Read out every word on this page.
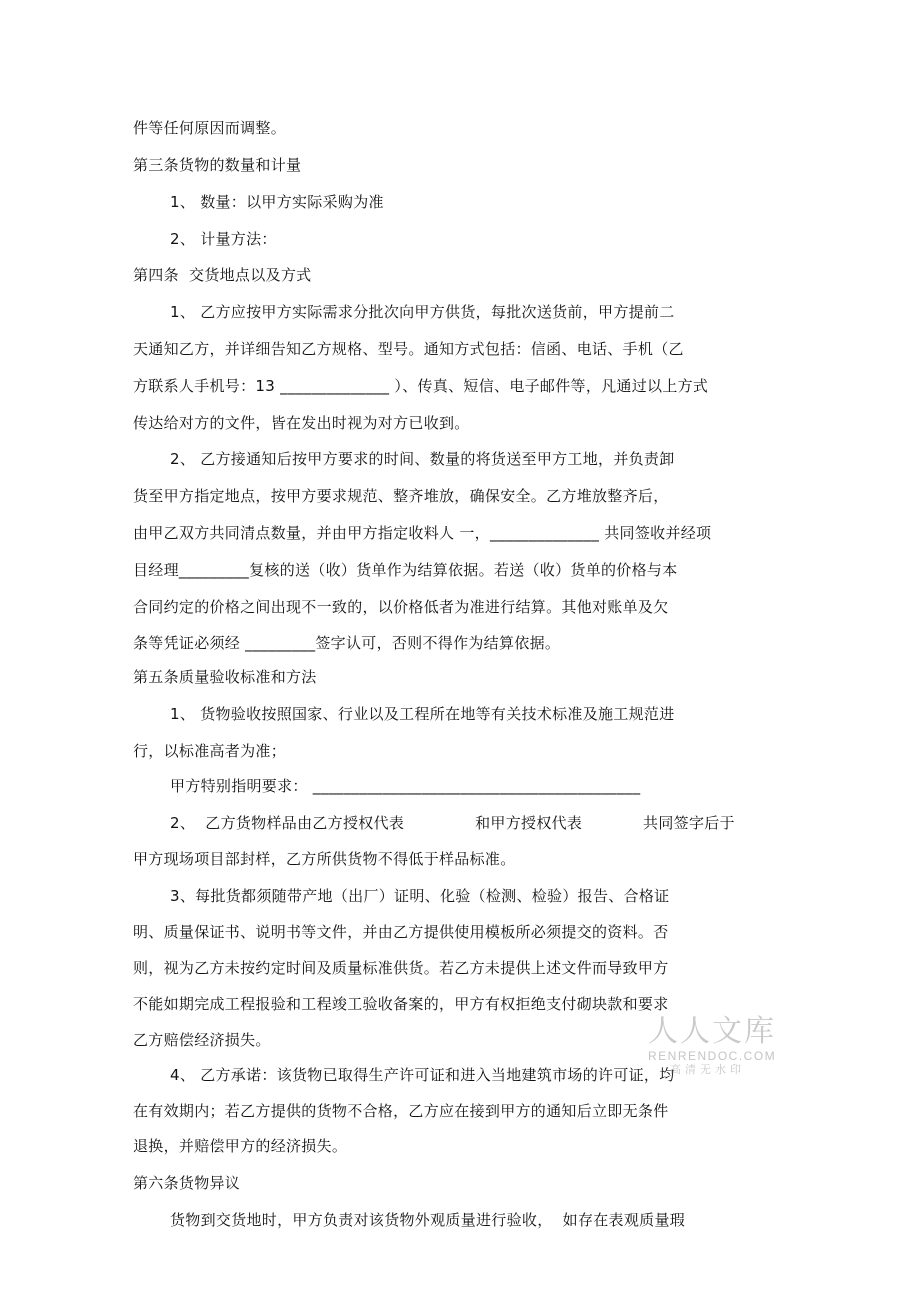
件等任何原因而调整。
第三条货物的数量和计量
1、 数量：以甲方实际采购为准
2、 计量方法：
第四条  交货地点以及方式
1、 乙方应按甲方实际需求分批次向甲方供货，每批次送货前，甲方提前二
天通知乙方，并详细告知乙方规格、型号。通知方式包括：信函、电话、手机（乙
方联系人手机号：13 ______________ ）、传真、短信、电子邮件等，凡通过以上方式
传达给对方的文件，皆在发出时视为对方已收到。
2、 乙方接通知后按甲方要求的时间、数量的将货送至甲方工地，并负责卸
货至甲方指定地点，按甲方要求规范、整齐堆放，确保安全。乙方堆放整齐后，
由甲乙双方共同清点数量，并由甲方指定收料人 一，______________ 共同签收并经项
目经理_________复核的送（收）货单作为结算依据。若送（收）货单的价格与本
合同约定的价格之间出现不一致的，以价格低者为准进行结算。其他对账单及欠
条等凭证必须经 _________签字认可，否则不得作为结算依据。
第五条质量验收标准和方法
1、 货物验收按照国家、行业以及工程所在地等有关技术标准及施工规范进
行，以标准高者为准；
甲方特别指明要求： __________________________________________
2、  乙方货物样品由乙方授权代表              和甲方授权代表            共同签字后于
甲方现场项目部封样，乙方所供货物不得低于样品标准。
3、每批货都须随带产地（出厂）证明、化验（检测、检验）报告、合格证
明、质量保证书、说明书等文件，并由乙方提供使用模板所必须提交的资料。否
则，视为乙方未按约定时间及质量标准供货。若乙方未提供上述文件而导致甲方
不能如期完成工程报验和工程竣工验收备案的，甲方有权拒绝支付砌块款和要求
乙方赔偿经济损失。
4、 乙方承诺：该货物已取得生产许可证和进入当地建筑市场的许可证，均
在有效期内；若乙方提供的货物不合格，乙方应在接到甲方的通知后立即无条件
退换，并赔偿甲方的经济损失。
第六条货物异议
货物到交货地时，甲方负责对该货物外观质量进行验收，  如存在表观质量瑕
人人文库
RENRENDOC.COM
高清无水印
